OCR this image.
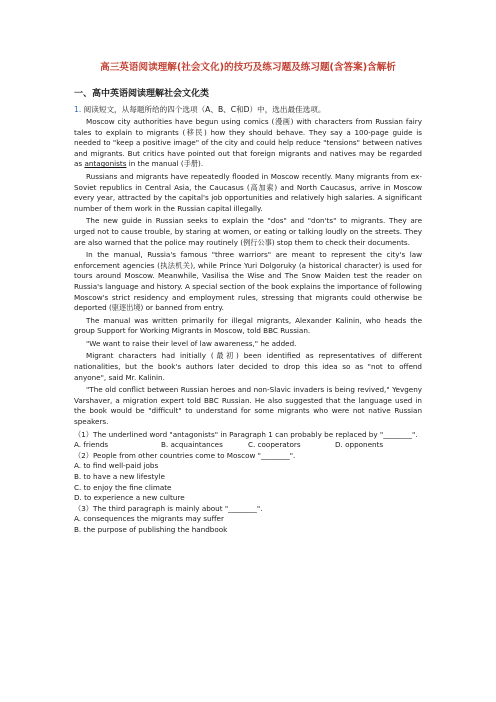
高三英语阅读理解(社会文化)的技巧及练习题及练习题(含答案)含解析
一、高中英语阅读理解社会文化类
1. 阅读短文，从每题所给的四个选项（A、B、C和D）中，选出最佳选项。

Moscow city authorities have begun using comics (漫画) with characters from Russian fairy tales to explain to migrants (移民) how they should behave. They say a 100-page guide is needed to "keep a positive image" of the city and could help reduce "tensions" between natives and migrants. But critics have pointed out that foreign migrants and natives may be regarded as antagonists in the manual (手册).

Russians and migrants have repeatedly flooded in Moscow recently. Many migrants from ex-Soviet republics in Central Asia, the Caucasus (高加索) and North Caucasus, arrive in Moscow every year, attracted by the capital's job opportunities and relatively high salaries. A significant number of them work in the Russian capital illegally.

The new guide in Russian seeks to explain the "dos" and "don'ts" to migrants. They are urged not to cause trouble, by staring at women, or eating or talking loudly on the streets. They are also warned that the police may routinely (例行公事) stop them to check their documents.

In the manual, Russia's famous "three warriors" are meant to represent the city's law enforcement agencies (执法机关), while Prince Yuri Dolgoruky (a historical character) is used for tours around Moscow. Meanwhile, Vasilisa the Wise and The Snow Maiden test the reader on Russia's language and history. A special section of the book explains the importance of following Moscow's strict residency and employment rules, stressing that migrants could otherwise be deported (驱逐出境) or banned from entry.

The manual was written primarily for illegal migrants, Alexander Kalinin, who heads the group Support for Working Migrants in Moscow, told BBC Russian.

"We want to raise their level of law awareness," he added.

Migrant characters had initially (最初) been identified as representatives of different nationalities, but the book's authors later decided to drop this idea so as "not to offend anyone", said Mr. Kalinin.

"The old conflict between Russian heroes and non-Slavic invaders is being revived," Yevgeny Varshaver, a migration expert told BBC Russian. He also suggested that the language used in the book would be "difficult" to understand for some migrants who were not native Russian speakers.

（1）The underlined word "antagonists" in Paragraph 1 can probably be replaced by "________".
A. friends	B. acquaintances	C. cooperators	D. opponents
（2）People from other countries come to Moscow "________".
A. to find well-paid jobs
B. to have a new lifestyle
C. to enjoy the fine climate
D. to experience a new culture
（3）The third paragraph is mainly about "________".
A. consequences the migrants may suffer
B. the purpose of publishing the handbook
